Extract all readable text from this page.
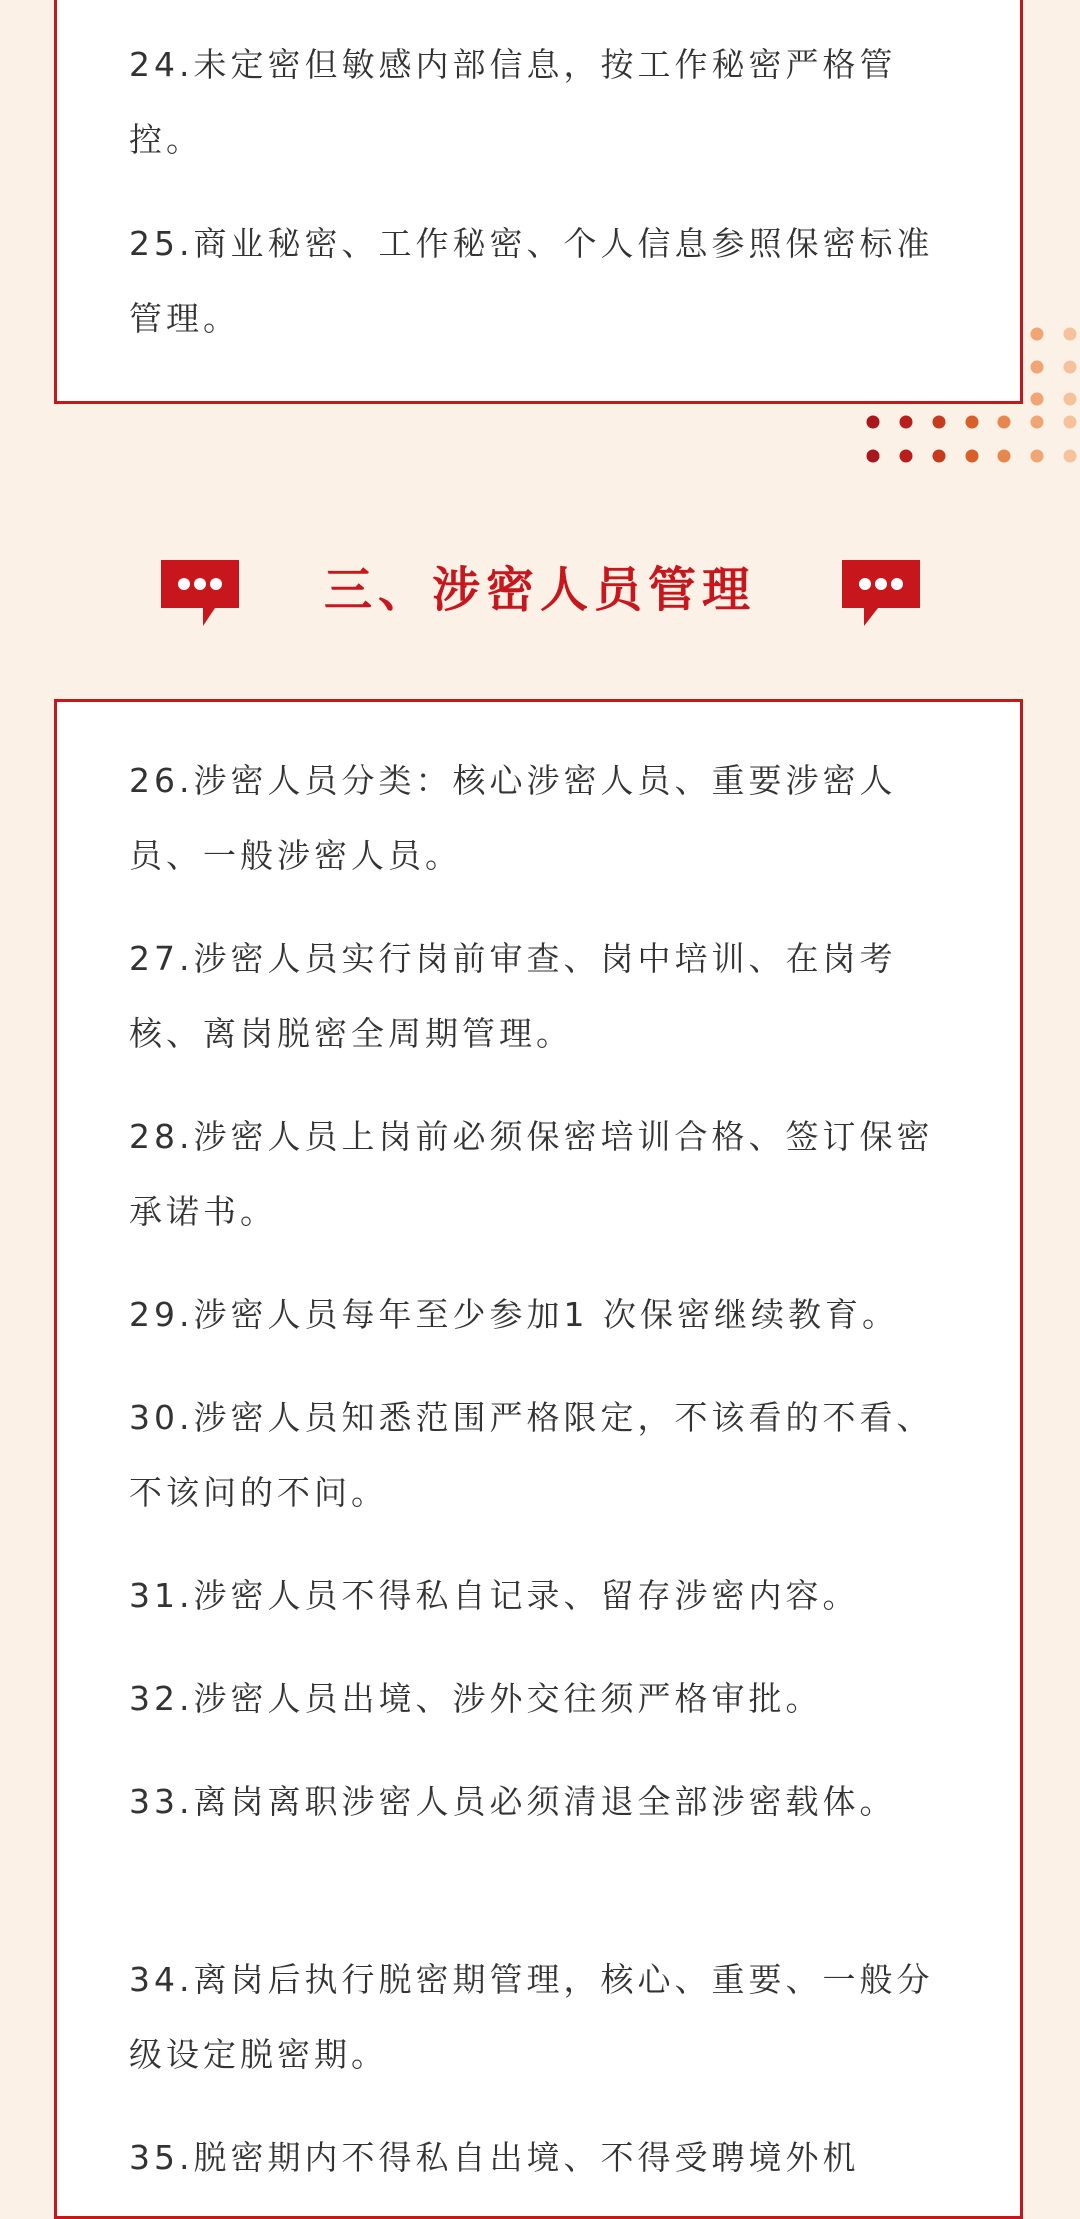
24.未定密但敏感内部信息，按工作秘密严格管控。

25.商业秘密、工作秘密、个人信息参照保密标准管理。

三、涉密人员管理

26.涉密人员分类：核心涉密人员、重要涉密人员、一般涉密人员。

27.涉密人员实行岗前审查、岗中培训、在岗考核、离岗脱密全周期管理。

28.涉密人员上岗前必须保密培训合格、签订保密承诺书。

29.涉密人员每年至少参加1 次保密继续教育。

30.涉密人员知悉范围严格限定，不该看的不看、不该问的不问。

31.涉密人员不得私自记录、留存涉密内容。

32.涉密人员出境、涉外交往须严格审批。

33.离岗离职涉密人员必须清退全部涉密载体。

34.离岗后执行脱密期管理，核心、重要、一般分级设定脱密期。

35.脱密期内不得私自出境、不得受聘境外机
